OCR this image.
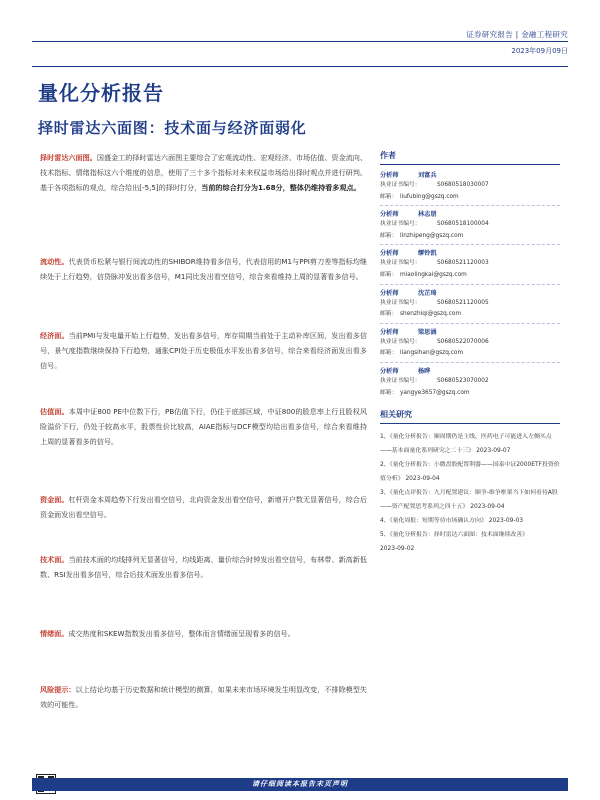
证券研究报告 | 金融工程研究
2023年09月09日
量化分析报告
择时雷达六面图：技术面与经济面弱化

择时雷达六面图。国盛金工的择时雷达六面图主要综合了宏观流动性、宏观经济、市场估值、资金流向、技术指标、情绪指标这六个维度的信息，使用了三十多个指标对未来权益市场给出择时观点并进行研判。基于各项指标的观点，综合给出[-5,5]的择时打分，当前的综合打分为1.68分，整体仍维持看多观点。

流动性。代表货币松紧与银行间流动性的SHIBOR维持看多信号，代表信用的M1与PPI剪刀差等指标均继续处于上行趋势，信贷脉冲发出看多信号，M1同比发出看空信号，综合来看维持上周的显著看多信号。

经济面。当前PMI与发电量开始上行趋势，发出看多信号，库存周期当前处于主动补库区间，发出看多信号，景气度指数继续保持下行趋势，通胀CPI处于历史极低水平发出看多信号，综合来看经济面发出看多信号。

估值面。本周中证800 PE中位数下行，PB估值下行，仍往于底部区域，中证800的股息率上行且股权风险溢价下行，仍处于较高水平，股票性价比较高，AIAE指标与DCF模型均给出看多信号，综合来看维持上周的显著看多的信号。

资金面。杠杆资金本周趋势下行发出看空信号，北向资金发出看空信号，新增开户数无显著信号，综合后资金面发出看空信号。

技术面。当前技术面的均线排列无显著信号，均线距离、量价综合时钟发出看空信号，布林带、新高新低数、RSI发出看多信号，综合后技术面发出看多信号。

情绪面。成交热度和SKEW指数发出看多信号，整体而言情绪面呈现看多的信号。

风险提示：以上结论均基于历史数据和统计模型的测算，如果未来市场环境发生明显改变，不排除模型失效的可能性。

作者
分析师	刘富兵
执业证书编号：	S0680518030007
邮箱： liufubing@gszq.com
分析师	林志朋
执业证书编号：	S0680518100004
邮箱： linzhipeng@gszq.com
分析师	缪铃凯
执业证书编号：	S0680521120003
邮箱： miaolingkai@gszq.com
分析师	沈芷琦
执业证书编号：	S0680521120005
邮箱： shenzhiqi@gszq.com
分析师	梁思涵
执业证书编号：	S0680522070006
邮箱： liangsihan@gszq.com
分析师	杨晔
执业证书编号：	S0680523070002
邮箱： yangye3657@gszq.com
相关研究
1、《量化分析报告：顺周期仍是主线，医药电子可能进入左侧买点——基本面量化系列研究之二十三》 2023-09-07
2、《量化分析报告：小微盘股配置利器——国泰中证2000ETF投资价值分析》 2023-09-04
3、《量化点评报告：九月配置建议：顺争-维争框架当下如何看待A股——资产配置思考系列之四十五》 2023-09-04
4、《量化周报：短期等待市场确认方向》 2023-09-03
5、《量化分析报告：择时雷达六面图：技术面继续改善》 2023-09-02
请仔细阅读本报告末页声明
